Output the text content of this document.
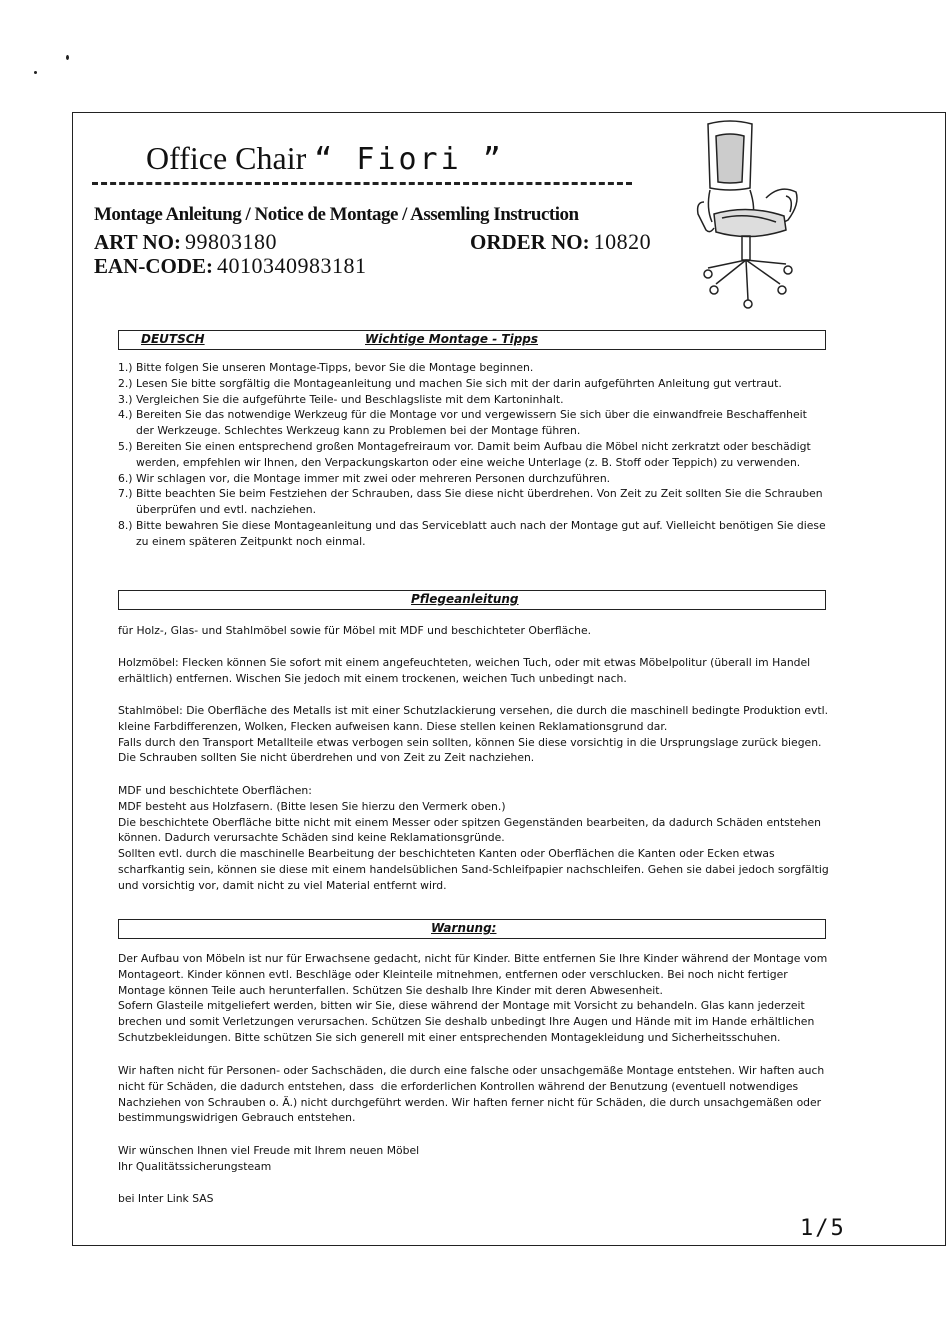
Office Chair “ Fiori ”
Montage Anleitung / Notice de Montage / Assemling Instruction
ART NO: 99803180	ORDER NO: 10820
EAN-CODE: 4010340983181
DEUTSCH	Wichtige Montage - Tipps
1.) Bitte folgen Sie unseren Montage-Tipps, bevor Sie die Montage beginnen.
2.) Lesen Sie bitte sorgfältig die Montageanleitung und machen Sie sich mit der darin aufgeführten Anleitung gut vertraut.
3.) Vergleichen Sie die aufgeführte Teile- und Beschlagsliste mit dem Kartoninhalt.
4.) Bereiten Sie das notwendige Werkzeug für die Montage vor und vergewissern Sie sich über die einwandfreie Beschaffenheit der Werkzeuge. Schlechtes Werkzeug kann zu Problemen bei der Montage führen.
5.) Bereiten Sie einen entsprechend großen Montagefreiraum vor. Damit beim Aufbau die Möbel nicht zerkratzt oder beschädigt werden, empfehlen wir Ihnen, den Verpackungskarton oder eine weiche Unterlage (z. B. Stoff oder Teppich) zu verwenden.
6.) Wir schlagen vor, die Montage immer mit zwei oder mehreren Personen durchzuführen.
7.) Bitte beachten Sie beim Festziehen der Schrauben, dass Sie diese nicht überdrehen. Von Zeit zu Zeit sollten Sie die Schrauben überprüfen und evtl. nachziehen.
8.) Bitte bewahren Sie diese Montageanleitung und das Serviceblatt auch nach der Montage gut auf. Vielleicht benötigen Sie diese zu einem späteren Zeitpunkt noch einmal.
Pflegeanleitung

für Holz-, Glas- und Stahlmöbel sowie für Möbel mit MDF und beschichteter Oberfläche.

Holzmöbel: Flecken können Sie sofort mit einem angefeuchteten, weichen Tuch, oder mit etwas Möbelpolitur (überall im Handel erhältlich) entfernen. Wischen Sie jedoch mit einem trockenen, weichen Tuch unbedingt nach.

Stahlmöbel: Die Oberfläche des Metalls ist mit einer Schutzlackierung versehen, die durch die maschinell bedingte Produktion evtl. kleine Farbdifferenzen, Wolken, Flecken aufweisen kann. Diese stellen keinen Reklamationsgrund dar.
Falls durch den Transport Metallteile etwas verbogen sein sollten, können Sie diese vorsichtig in die Ursprungslage zurück biegen. Die Schrauben sollten Sie nicht überdrehen und von Zeit zu Zeit nachziehen.

MDF und beschichtete Oberflächen:
MDF besteht aus Holzfasern. (Bitte lesen Sie hierzu den Vermerk oben.)
Die beschichtete Oberfläche bitte nicht mit einem Messer oder spitzen Gegenständen bearbeiten, da dadurch Schäden entstehen können. Dadurch verursachte Schäden sind keine Reklamationsgründe.
Sollten evtl. durch die maschinelle Bearbeitung der beschichteten Kanten oder Oberflächen die Kanten oder Ecken etwas scharfkantig sein, können sie diese mit einem handelsüblichen Sand-Schleifpapier nachschleifen. Gehen sie dabei jedoch sorgfältig und vorsichtig vor, damit nicht zu viel Material entfernt wird.

Warnung:

Der Aufbau von Möbeln ist nur für Erwachsene gedacht, nicht für Kinder. Bitte entfernen Sie Ihre Kinder während der Montage vom Montageort. Kinder können evtl. Beschläge oder Kleinteile mitnehmen, entfernen oder verschlucken. Bei noch nicht fertiger Montage können Teile auch herunterfallen. Schützen Sie deshalb Ihre Kinder mit deren Abwesenheit.
Sofern Glasteile mitgeliefert werden, bitten wir Sie, diese während der Montage mit Vorsicht zu behandeln. Glas kann jederzeit brechen und somit Verletzungen verursachen. Schützen Sie deshalb unbedingt Ihre Augen und Hände mit im Hande erhältlichen Schutzbekleidungen. Bitte schützen Sie sich generell mit einer entsprechenden Montagekleidung und Sicherheitsschuhen.

Wir haften nicht für Personen- oder Sachschäden, die durch eine falsche oder unsachgemäße Montage entstehen. Wir haften auch nicht für Schäden, die dadurch entstehen, dass  die erforderlichen Kontrollen während der Benutzung (eventuell notwendiges Nachziehen von Schrauben o. Ä.) nicht durchgeführt werden. Wir haften ferner nicht für Schäden, die durch unsachgemäßen oder bestimmungswidrigen Gebrauch entstehen.

Wir wünschen Ihnen viel Freude mit Ihrem neuen Möbel
Ihr Qualitätssicherungsteam

bei Inter Link SAS

1/5
